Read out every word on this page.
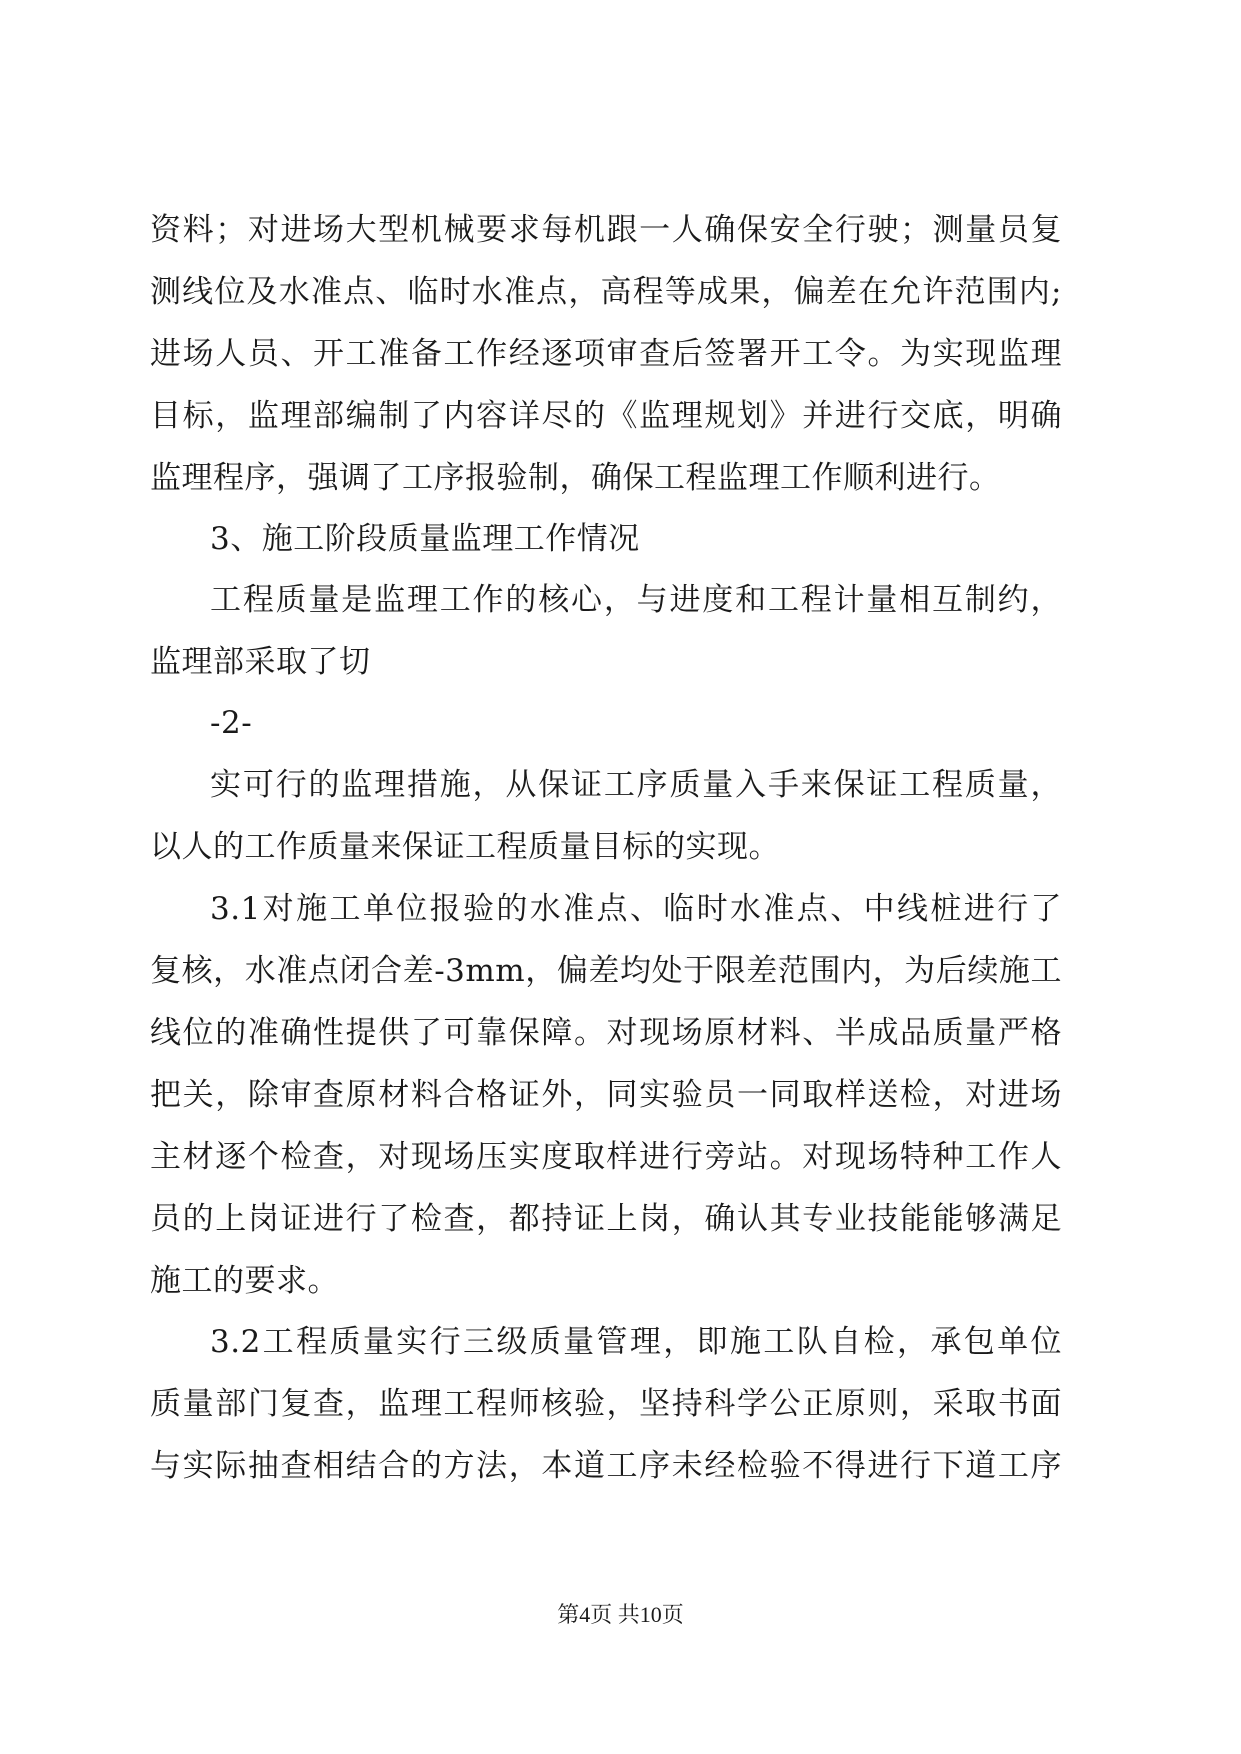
资料；对进场大型机械要求每机跟一人确保安全行驶；测量员复
测线位及水准点、临时水准点，高程等成果，偏差在允许范围内;
进场人员、开工准备工作经逐项审查后签署开工令。为实现监理
目标，监理部编制了内容详尽的《监理规划》并进行交底，明确
监理程序，强调了工序报验制，确保工程监理工作顺利进行。
3、施工阶段质量监理工作情况
工程质量是监理工作的核心，与进度和工程计量相互制约，
监理部采取了切
-2-
实可行的监理措施，从保证工序质量入手来保证工程质量，
以人的工作质量来保证工程质量目标的实现。
3.1对施工单位报验的水准点、临时水准点、中线桩进行了
复核，水准点闭合差-3mm，偏差均处于限差范围内，为后续施工
线位的准确性提供了可靠保障。对现场原材料、半成品质量严格
把关，除审查原材料合格证外，同实验员一同取样送检，对进场
主材逐个检查，对现场压实度取样进行旁站。对现场特种工作人
员的上岗证进行了检查，都持证上岗，确认其专业技能能够满足
施工的要求。
3.2工程质量实行三级质量管理，即施工队自检，承包单位
质量部门复查，监理工程师核验，坚持科学公正原则，采取书面
与实际抽查相结合的方法，本道工序未经检验不得进行下道工序
第4页 共10页
